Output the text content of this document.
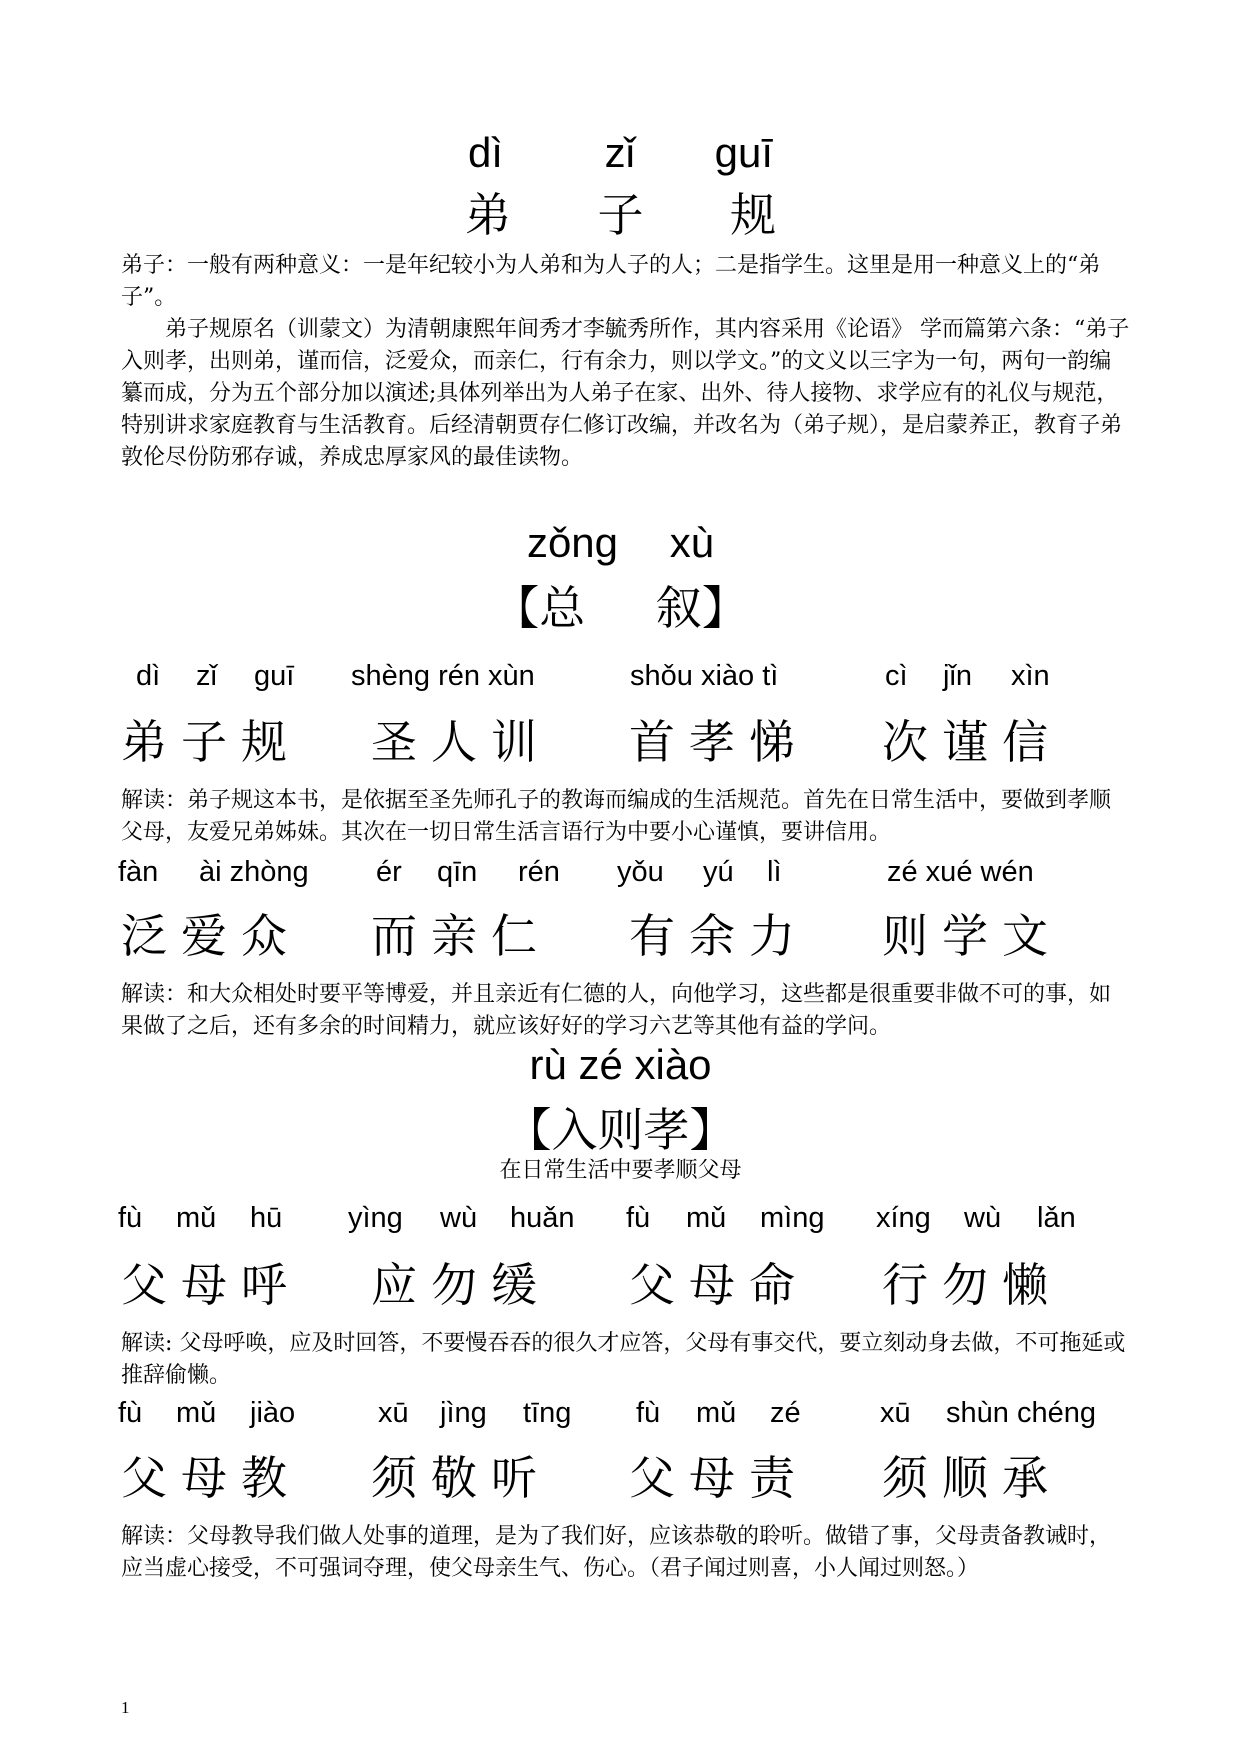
dì zǐ guī
弟 子 规

弟子：一般有两种意义：一是年纪较小为人弟和为人子的人；二是指学生。这里是用一种意义上的“弟子”。

弟子规原名（训蒙文）为清朝康熙年间秀才李毓秀所作，其内容采用《论语》 学而篇第六条：“弟子入则孝，出则弟，谨而信，泛爱众，而亲仁，行有余力，则以学文。”的文义以三字为一句，两句一韵编纂而成，分为五个部分加以演述;具体列举出为人弟子在家、出外、待人接物、求学应有的礼仪与规范，特别讲求家庭教育与生活教育。后经清朝贾存仁修订改编，并改名为（弟子规），是启蒙养正，教育子弟敦伦尽份防邪存诚，养成忠厚家风的最佳读物。

zǒng xù
【总 叙】
dì zǐ guī shèng rén xùn	shǒu xiào tì	cì jǐn xìn
弟子规 圣人训 首孝悌 次谨信

解读：弟子规这本书，是依据至圣先师孔子的教诲而编成的生活规范。首先在日常生活中，要做到孝顺父母，友爱兄弟姊妹。其次在一切日常生活言语行为中要小心谨慎，要讲信用。

fàn ài zhòng ér qīn rén yǒu yú lì	zé xué wén
泛爱众 而亲仁 有余力 则学文

解读：和大众相处时要平等博爱，并且亲近有仁德的人，向他学习，这些都是很重要非做不可的事，如果做了之后，还有多余的时间精力，就应该好好的学习六艺等其他有益的学问。

rù zé xiào
【入则孝】
在日常生活中要孝顺父母
fù mǔ hū yìng wù huǎn fù mǔ mìng xíng wù lǎn
父母呼 应勿缓 父母命 行勿懒

解读: 父母呼唤，应及时回答，不要慢吞吞的很久才应答，父母有事交代，要立刻动身去做，不可拖延或推辞偷懒。

fù mǔ jiào	xū jìng tīng fù mǔ zé	xū shùn chéng
父母教 须敬听 父母责 须顺承

解读：父母教导我们做人处事的道理，是为了我们好，应该恭敬的聆听。做错了事，父母责备教诫时，应当虚心接受，不可强词夺理，使父母亲生气、伤心。（君子闻过则喜，小人闻过则怒。）

1
